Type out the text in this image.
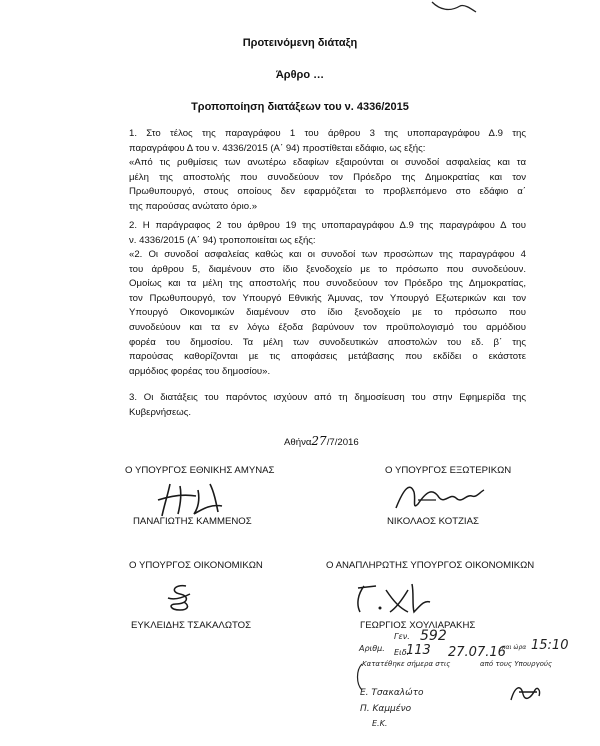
Προτεινόμενη διάταξη
Άρθρο …
Τροποποίηση διατάξεων του ν. 4336/2015

1. Στο τέλος της παραγράφου 1 του άρθρου 3 της υποπαραγράφου Δ.9 της

παραγράφου Δ του ν. 4336/2015 (Α΄ 94) προστίθεται εδάφιο, ως εξής:

«Από τις ρυθμίσεις των ανωτέρω εδαφίων εξαιρούνται οι συνοδοί ασφαλείας και τα

μέλη της αποστολής που συνοδεύουν τον Πρόεδρο της Δημοκρατίας και τον

Πρωθυπουργό, στους οποίους δεν εφαρμόζεται το προβλεπόμενο στο εδάφιο α΄

της παρούσας ανώτατο όριο.»

2. Η παράγραφος 2 του άρθρου 19 της υποπαραγράφου Δ.9 της παραγράφου Δ του

ν. 4336/2015 (Α΄ 94) τροποποιείται ως εξής:

«2. Οι συνοδοί ασφαλείας καθώς και οι συνοδοί των προσώπων της παραγράφου 4

του άρθρου 5, διαμένουν στο ίδιο ξενοδοχείο με το πρόσωπο που συνοδεύουν.

Ομοίως και τα μέλη της αποστολής που συνοδεύουν τον Πρόεδρο της Δημοκρατίας,

τον Πρωθυπουργό, τον Υπουργό Εθνικής Άμυνας, τον Υπουργό Εξωτερικών και τον

Υπουργό Οικονομικών διαμένουν στο ίδιο ξενοδοχείο με το πρόσωπο που

συνοδεύουν και τα εν λόγω έξοδα βαρύνουν τον προϋπολογισμό του αρμόδιου

φορέα του δημοσίου. Τα μέλη των συνοδευτικών αποστολών του εδ. β΄ της

παρούσας καθορίζονται με τις αποφάσεις μετάβασης που εκδίδει ο εκάστοτε

αρμόδιος φορέας του δημοσίου».

3. Οι διατάξεις του παρόντος ισχύουν από τη δημοσίευση του στην Εφημερίδα της

Κυβερνήσεως.

Αθήνα27/7/2016
Ο ΥΠΟΥΡΓΟΣ ΕΘΝΙΚΗΣ ΑΜΥΝΑΣ	Ο ΥΠΟΥΡΓΟΣ ΕΞΩΤΕΡΙΚΩΝ
ΠΑΝΑΓΙΩΤΗΣ ΚΑΜΜΕΝΟΣ	ΝΙΚΟΛΑΟΣ ΚΟΤΖΙΑΣ
Ο ΥΠΟΥΡΓΟΣ ΟΙΚΟΝΟΜΙΚΩΝ	Ο ΑΝΑΠΛΗΡΩΤΗΣ ΥΠΟΥΡΓΟΣ ΟΙΚΟΝΟΜΙΚΩΝ
ΕΥΚΛΕΙΔΗΣ ΤΣΑΚΑΛΩΤΟΣ	ΓΕΩΡΓΙΟΣ ΧΟΥΛΙΑΡΑΚΗΣ
Γεν. 592
Αριθμ. Ειδ.
113 27.07.16
και ώρα 15:10
Κατατέθηκε σήμερα στις	από τους Υπουργούς
Ε. Τσακαλώτο
Π. Καμμένο
Ε.Κ.
